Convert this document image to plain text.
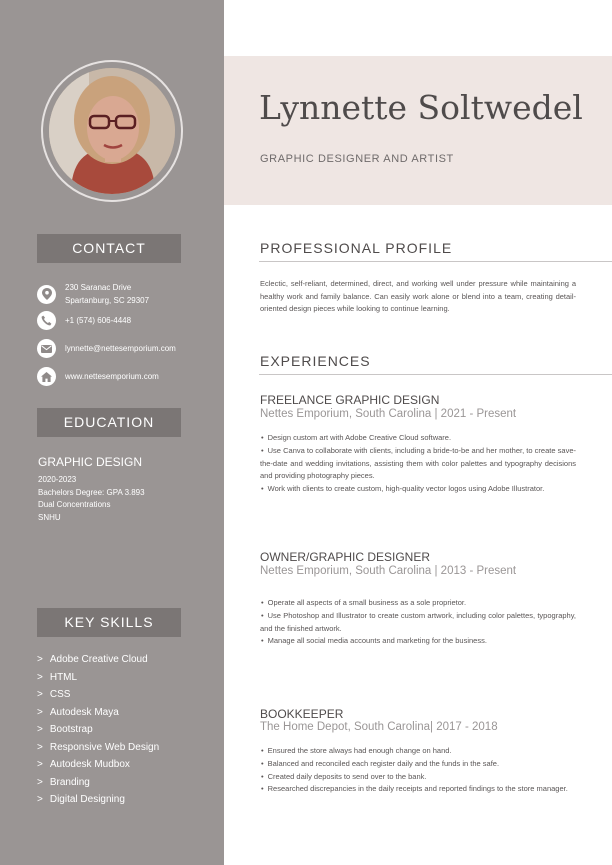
CONTACT
230 Saranac Drive
Spartanburg, SC 29307
+1 (574) 606-4448
lynnette@nettesemporium.com
www.nettesemporium.com
EDUCATION
GRAPHIC DESIGN
2020-2023
Bachelors Degree: GPA 3.893
Dual Concentrations
SNHU
KEY SKILLS
> Adobe Creative Cloud
> HTML
> CSS
> Autodesk Maya
> Bootstrap
> Responsive Web Design
> Autodesk Mudbox
> Branding
> Digital Designing
Lynnette Soltwedel
GRAPHIC DESIGNER AND ARTIST
PROFESSIONAL PROFILE
Eclectic, self-reliant, determined, direct, and working well under pressure while maintaining a healthy work and family balance. Can easily work alone or blend into a team, creating detail-oriented design pieces while looking to continue learning.
EXPERIENCES
FREELANCE GRAPHIC DESIGN
Nettes Emporium, South Carolina | 2021 - Present
• Design custom art with Adobe Creative Cloud software.
• Use Canva to collaborate with clients, including a bride-to-be and her mother, to create save-the-date and wedding invitations, assisting them with color palettes and typography decisions and providing photography pieces.
• Work with clients to create custom, high-quality vector logos using Adobe Illustrator.
OWNER/GRAPHIC DESIGNER
Nettes Emporium, South Carolina | 2013 - Present
• Operate all aspects of a small business as a sole proprietor.
• Use Photoshop and Illustrator to create custom artwork, including color palettes, typography, and the finished artwork.
• Manage all social media accounts and marketing for the business.
BOOKKEEPER
The Home Depot, South Carolina| 2017 - 2018
• Ensured the store always had enough change on hand.
• Balanced and reconciled each register daily and the funds in the safe.
• Created daily deposits to send over to the bank.
• Researched discrepancies in the daily receipts and reported findings to the store manager.
